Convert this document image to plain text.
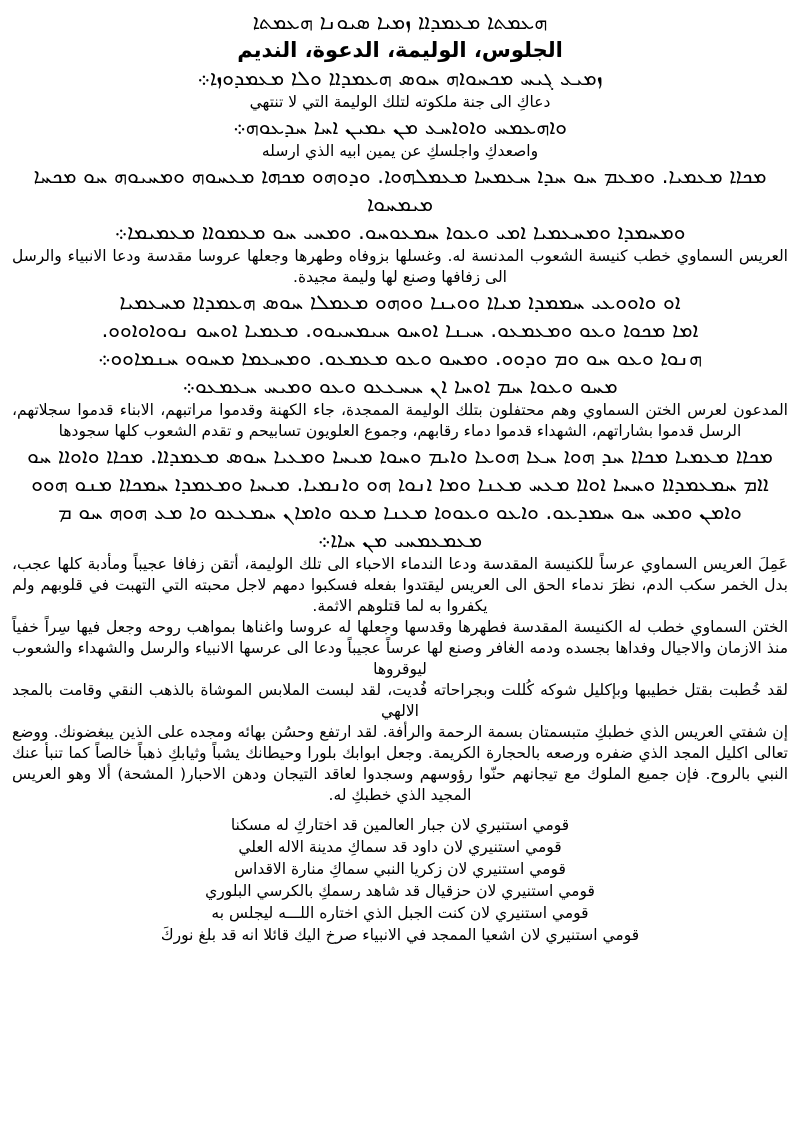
ܗܥܡܬܐ ܡܥܡܕܐܐ ܙܡܝܐ ܣܝܘܢܐ ܗܥܡܬܐ
الجلوس، الوليمة، الدعوة، النديم
ܙܡܝܥ ܓܝܚ ܡܟܚܘܐܗ ܚܘܣ ܗܥܡܕܐܐ ܘܠܐ ܡܥܡܕܘܙܐ܀
دعاكِ الى جنة ملكوته لتلك الوليمة التي لا تنتهي
ܘܐܗܥܡܚ ܘܐܘܐܚܥ ܡܢ ܝܡܝܢ ܐܚܐ ܚܕܥܘܗ܀
واصعدكِ واجلسكِ عن يمين ابيه الذي ارسله
ܡܟܐܐ ܡܥܡܝܐ. ܘܡܥܡ ܚܘ ܚܕܐ ܚܥܡܚܐ ܡܥܡܠܗܘܐ. ܘܕܘܗܘ ܡܟܗܐ ܡܥܚܘܗ ܘܡܚܝܘܗ ܚܘ ܡܟܚܐ ܡܝܡܚܘܐ
ܘܡܚܡܕܐ ܘܡܚܥܡܝܐ ܐܡܝ ܘܥܘܐ ܚܡܥܘܚܘ. ܘܡܚܝ ܚܘ ܡܥܡܘܐܐ ܡܥܡܝܡܐ܀
العريس السماوي خطب كنيسة الشعوب المدنسة له. وغسلها بزوفاه وطهرها وجعلها عروسا مقدسة ودعا الانبياء والرسل الى زفافها وصنع لها وليمة مجيدة.
ܐܘ ܘܐܘܘܥܝ ܚܡܡܕܐ ܡܝܐܐ ܘܘܝܢܐ ܘܘܗܘ ܡܥܡܠܐ ܚܘܣ ܗܥܡܕܐܐ ܡܚܥܡܝܐ
ܐܡܐ ܡܟܘܐ ܘܥܘ ܘܡܥܡܥܘ. ܚܝܢܐ ܐܘܚܘ ܚܝܡܚܝܘܘ. ܡܥܡܝܐ ܐܘܚܘ ܢܘܘܐܘܐܘܘ.
ܗܢܘܐ ܘܥܘ ܚܘ ܘܡ ܘܕܘܘ. ܘܡܚܘ ܘܥܘ ܡܥܡܥܘ. ܘܡܚܥܡܐ ܡܚܘܘ ܚܢܡܐܘܘ܀
ܡܚܘ ܘܥܘܐ ܚܡ ܐܘܚܐ ܐܢ ܚܚܥܥܘ ܘܥܘ ܘܡܝܚ ܚܥܡܥܘ܀
المدعون لعرس الختن السماوي وهم محتفلون بتلك الوليمة الممجدة، جاء الكهنة وقدموا مراتبهم، الابناء قدموا سجلاتهم، الرسل قدموا بشاراتهم، الشهداء قدموا دماء رقابهم، وجموع العلويون تسابيحم و تقدم الشعوب كلها سجودها
ܡܟܐܐ ܡܥܡܝܐ ܡܟܐܐ ܚܕ ܗܘܐ ܚܥܐ ܗܘܥܐ ܘܐܝܡ ܘܚܘܐ ܡܝܚܐ ܘܡܥܝܐ ܚܘܣ ܡܥܡܕܐܐ. ܡܟܐܐ ܘܐܘܐܐ ܚܘ
ܐܐܡ ܚܡܥܡܕܐܐ ܘܚܚܐ ܐܘܐܐ ܡܥܚ ܡܥܢܐ ܘܡܐ ܐܢܘܐ ܗܘ ܘܐܢܡܝܐ. ܡܝܚܐ ܘܡܥܡܕܐ ܚܡܟܐܐ ܡܢܘ ܗܘܘ
ܘܐܡܢ ܘܡܚ ܚܘ ܚܡܕܥܘ. ܘܐܥܘ ܘܥܘܘܐ ܡܥܢܐ ܡܥܘ ܘܐܡܐܢ ܚܡܥܥܘ ܘܐ ܡܥ ܗܘܗ ܚܘ ܡ
ܡܥܡܥܡܚܝ ܡܢ ܚܐܐ܀
عَمِلَ العريس السماوي عرساً للكنيسة المقدسة ودعا الندماء الاحباء الى تلك الوليمة، أتقن زفافا عجيباً ومأدبة كلها عجب، بدل الخمر سكب الدم، نظرَ ندماء الحق الى العريس ليقتدوا بفعله فسكبوا دمهم لاجل محبته التي التهبت في قلوبهم ولم يكفروا به لما قتلوهم الاثمة.
الختن السماوي خطب له الكنيسة المقدسة فطهرها وقدسها وجعلها له عروسا واغناها بمواهب روحه وجعل فيها سِراً خفياً منذ الازمان والاجيال وفداها بجسده ودمه الغافر وصنع لها عرساً عجيباً ودعا الى عرسها الانبياء والرسل والشهداء والشعوب ليوقروها
لقد خُطبت بقتل خطيبها وبإكليل شوكه كُللت وبجراحاته فُديت، لقد لبست الملابس الموشاة بالذهب النقي وقامت بالمجد الالهي
إن شفتي العريس الذي خطبكِ متبسمتان بسمة الرحمة والرأفة. لقد ارتفع وحسُن بهائه ومجده على الذين يبغضونك. ووضع تعالى اكليل المجد الذي ضفره ورصعه بالحجارة الكريمة. وجعل ابوابك بلورا وحيطانك يشباً وثيابكِ ذهباً خالصاً كما تنبأ عنك النبي بالروح. فإن جميع الملوك مع تيجانهم حنّوا رؤوسهم وسجدوا لعاقد التيجان ودهن الاحبار( المشحة) ألا وهو العريس المجيد الذي خطبكِ له.
قومي استنيري لان جبار العالمين قد اختاركِ له مسكنا
قومي استنيري لان داود قد سماكِ مدينة الاله العلي
قومي استنيري لان زكريا النبي سماكِ منارة الاقداس
قومي استنيري لان حزقيال قد شاهد رسمكِ بالكرسي البلوري
قومي استنيري لان كنت الجبل الذي اختاره اللـــه ليجلس به
قومي استنيري لان اشعيا الممجد في الانبياء صرخ اليك قائلا انه قد بلغ نوركَ
